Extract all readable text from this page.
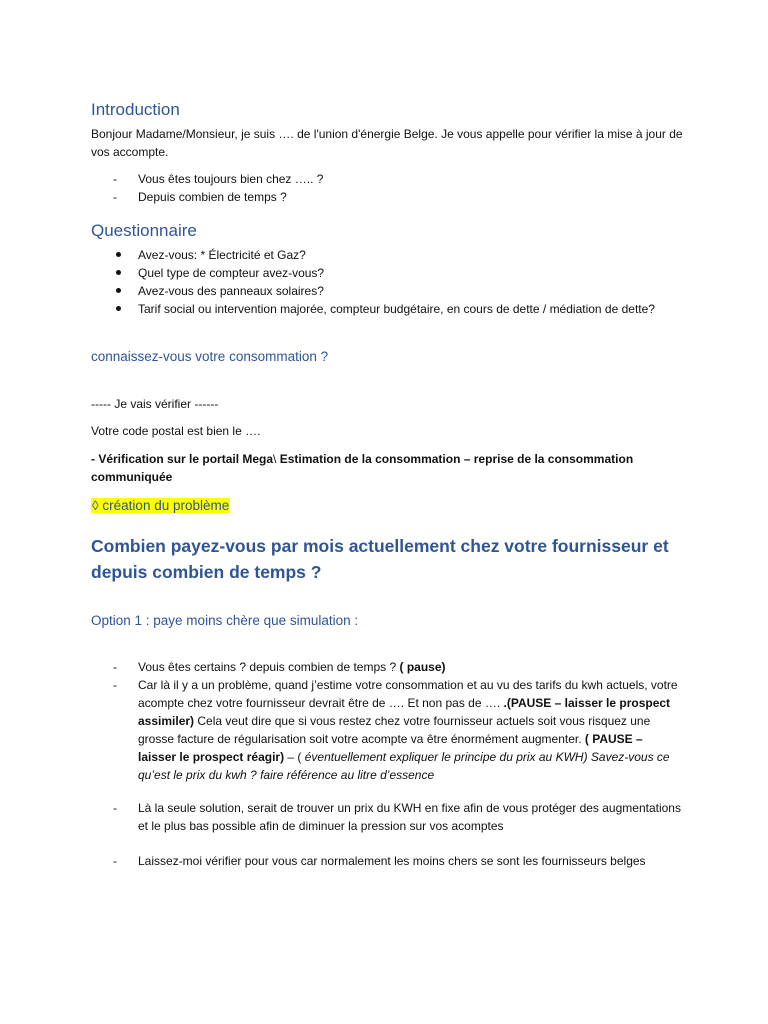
Introduction
Bonjour Madame/Monsieur, je suis …. de l'union d'énergie Belge. Je vous appelle pour vérifier la mise à jour de vos accompte.
- Vous êtes toujours bien chez ….. ?
- Depuis combien de temps ?
Questionnaire
Avez-vous: * Électricité et Gaz?
Quel type de compteur avez-vous?
Avez-vous des panneaux solaires?
Tarif social ou intervention majorée, compteur budgétaire, en cours de dette / médiation de dette?
connaissez-vous votre consommation ?
----- Je vais vérifier ------
Votre code postal est bien le ….
- Vérification sur le portail Mega\ Estimation de la consommation – reprise de la consommation communiquée
◊ création du problème
Combien payez-vous par mois actuellement chez votre fournisseur et depuis combien de temps ?
Option 1 : paye moins chère que simulation :
- Vous êtes certains ? depuis combien de temps ? ( pause)
- Car là il y a un problème, quand j’estime votre consommation et au vu des tarifs du kwh actuels, votre acompte chez votre fournisseur devrait être de …. Et non pas de …. .(PAUSE – laisser le prospect assimiler) Cela veut dire que si vous restez chez votre fournisseur actuels soit vous risquez une grosse facture de régularisation soit votre acompte va être énormément augmenter. ( PAUSE – laisser le prospect réagir) – ( éventuellement expliquer le principe du prix au KWH) Savez-vous ce qu’est le prix du kwh ? faire référence au litre d’essence
- Là la seule solution, serait de trouver un prix du KWH en fixe afin de vous protéger des augmentations et le plus bas possible afin de diminuer la pression sur vos acomptes
- Laissez-moi vérifier pour vous car normalement les moins chers se sont les fournisseurs belges
